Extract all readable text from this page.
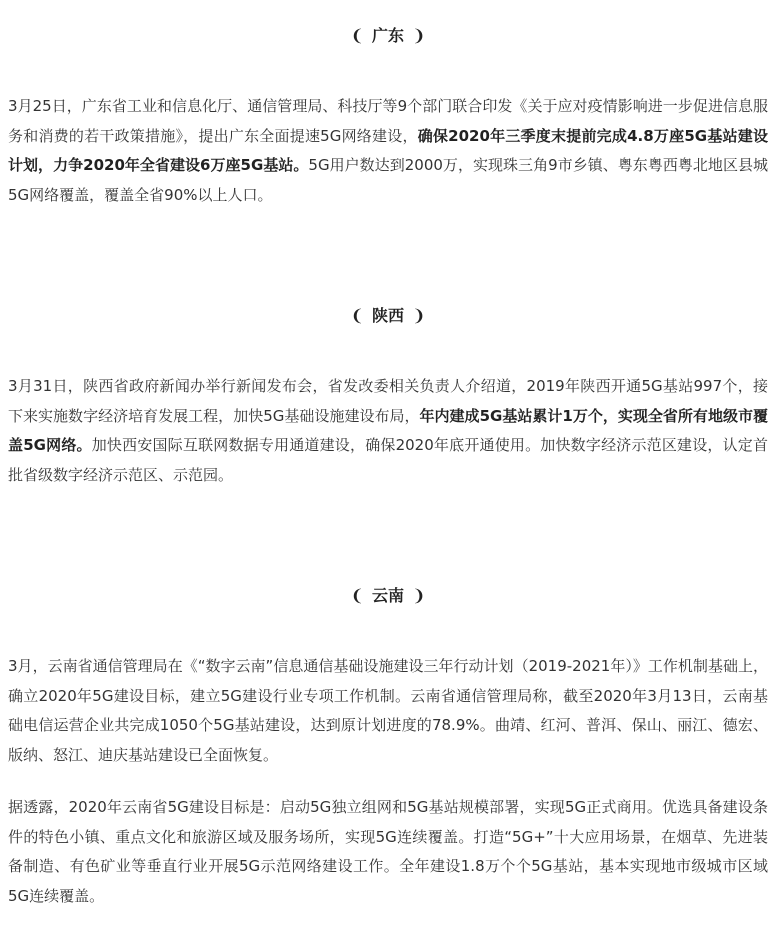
❨ 广东 ❩

3月25日，广东省工业和信息化厅、通信管理局、科技厅等9个部门联合印发《关于应对疫情影响进一步促进信息服务和消费的若干政策措施》，提出广东全面提速5G网络建设，确保2020年三季度末提前完成4.8万座5G基站建设计划，力争2020年全省建设6万座5G基站。5G用户数达到2000万，实现珠三角9市乡镇、粤东粤西粤北地区县城5G网络覆盖，覆盖全省90%以上人口。

❨ 陕西 ❩

3月31日，陕西省政府新闻办举行新闻发布会，省发改委相关负责人介绍道，2019年陕西开通5G基站997个，接下来实施数字经济培育发展工程，加快5G基础设施建设布局，年内建成5G基站累计1万个，实现全省所有地级市覆盖5G网络。加快西安国际互联网数据专用通道建设，确保2020年底开通使用。加快数字经济示范区建设，认定首批省级数字经济示范区、示范园。

❨ 云南 ❩

3月，云南省通信管理局在《“数字云南”信息通信基础设施建设三年行动计划（2019-2021年）》工作机制基础上，确立2020年5G建设目标，建立5G建设行业专项工作机制。云南省通信管理局称，截至2020年3月13日，云南基础电信运营企业共完成1050个5G基站建设，达到原计划进度的78.9%。曲靖、红河、普洱、保山、丽江、德宏、版纳、怒江、迪庆基站建设已全面恢复。

据透露，2020年云南省5G建设目标是：启动5G独立组网和5G基站规模部署，实现5G正式商用。优选具备建设条件的特色小镇、重点文化和旅游区域及服务场所，实现5G连续覆盖。打造“5G+”十大应用场景，在烟草、先进装备制造、有色矿业等垂直行业开展5G示范网络建设工作。全年建设1.8万个个5G基站，基本实现地市级城市区域5G连续覆盖。
